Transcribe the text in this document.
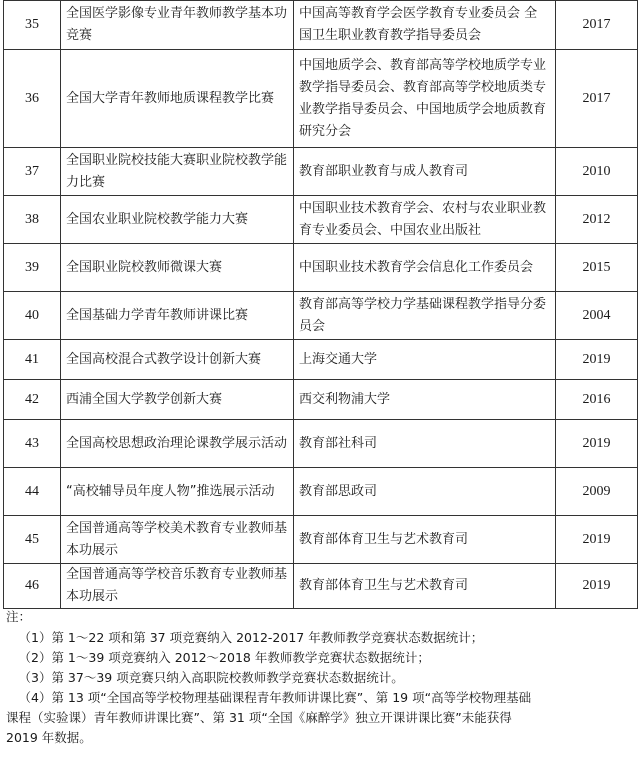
35	全国医学影像专业青年教师教学基本功竞赛	中国高等教育学会医学教育专业委员会 全国卫生职业教育教学指导委员会	2017
36	全国大学青年教师地质课程教学比赛	中国地质学会、教育部高等学校地质学专业教学指导委员会、教育部高等学校地质类专业教学指导委员会、中国地质学会地质教育研究分会	2017
37	全国职业院校技能大赛职业院校教学能力比赛	教育部职业教育与成人教育司	2010
38	全国农业职业院校教学能力大赛	中国职业技术教育学会、农村与农业职业教育专业委员会、中国农业出版社	2012
39	全国职业院校教师微课大赛	中国职业技术教育学会信息化工作委员会	2015
40	全国基础力学青年教师讲课比赛	教育部高等学校力学基础课程教学指导分委员会	2004
41	全国高校混合式教学设计创新大赛	上海交通大学	2019
42	西浦全国大学教学创新大赛	西交利物浦大学	2016
43	全国高校思想政治理论课教学展示活动	教育部社科司	2019
44	“高校辅导员年度人物”推选展示活动	教育部思政司	2009
45	全国普通高等学校美术教育专业教师基本功展示	教育部体育卫生与艺术教育司	2019
46	全国普通高等学校音乐教育专业教师基本功展示	教育部体育卫生与艺术教育司	2019

注：

（1）第 1～22 项和第 37 项竞赛纳入 2012-2017 年教师教学竞赛状态数据统计；

（2）第 1～39 项竞赛纳入 2012～2018 年教师教学竞赛状态数据统计；

（3）第 37～39 项竞赛只纳入高职院校教师教学竞赛状态数据统计。

（4）第 13 项“全国高等学校物理基础课程青年教师讲课比赛”、第 19 项“高等学校物理基础

课程（实验课）青年教师讲课比赛”、第 31 项“全国《麻醉学》独立开课讲课比赛”未能获得

2019 年数据。
